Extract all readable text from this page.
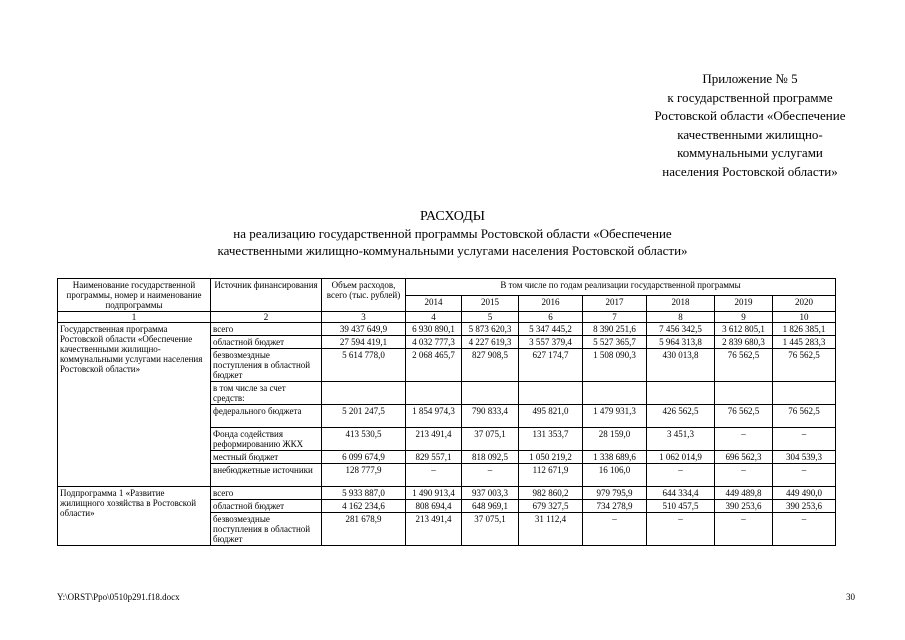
Приложение № 5
к государственной программе
Ростовской области «Обеспечение
качественными жилищно-
коммунальными услугами
населения Ростовской области»
РАСХОДЫ
на реализацию государственной программы Ростовской области «Обеспечение
качественными жилищно-коммунальными услугами населения Ростовской области»
Наименование государственной программы, номер и наименование подпрограммы	Источник финансирования	Объем расходов, всего (тыс. рублей)	В том числе по годам реализации государственной программы						
			2014	2015	2016	2017	2018	2019	2020
1	2	3	4	5	6	7	8	9	10
Государственная программа Ростовской области «Обеспечение качественными жилищно-коммунальными услугами населения Ростовской области»	всего	39 437 649,9	6 930 890,1	5 873 620,3	5 347 445,2	8 390 251,6	7 456 342,5	3 612 805,1	1 826 385,1
	областной бюджет	27 594 419,1	4 032 777,3	4 227 619,3	3 557 379,4	5 527 365,7	5 964 313,8	2 839 680,3	1 445 283,3
	безвозмездные поступления в областной бюджет	5 614 778,0	2 068 465,7	827 908,5	627 174,7	1 508 090,3	430 013,8	76 562,5	76 562,5
	в том числе за счет средств:								
	федерального бюджета	5 201 247,5	1 854 974,3	790 833,4	495 821,0	1 479 931,3	426 562,5	76 562,5	76 562,5
	Фонда содействия реформированию ЖКХ	413 530,5	213 491,4	37 075,1	131 353,7	28 159,0	3 451,3	–	–
	местный бюджет	6 099 674,9	829 557,1	818 092,5	1 050 219,2	1 338 689,6	1 062 014,9	696 562,3	304 539,3
	внебюджетные источники	128 777,9	–	–	112 671,9	16 106,0	–	–	–
Подпрограмма 1 «Развитие жилищного хозяйства в Ростовской области»	всего	5 933 887,0	1 490 913,4	937 003,3	982 860,2	979 795,9	644 334,4	449 489,8	449 490,0
	областной бюджет	4 162 234,6	808 694,4	648 969,1	679 327,5	734 278,9	510 457,5	390 253,6	390 253,6
	безвозмездные поступления в областной бюджет	281 678,9	213 491,4	37 075,1	31 112,4	–	–	–	–
Y:\ORST\Ppo\0510p291.f18.docx	30
